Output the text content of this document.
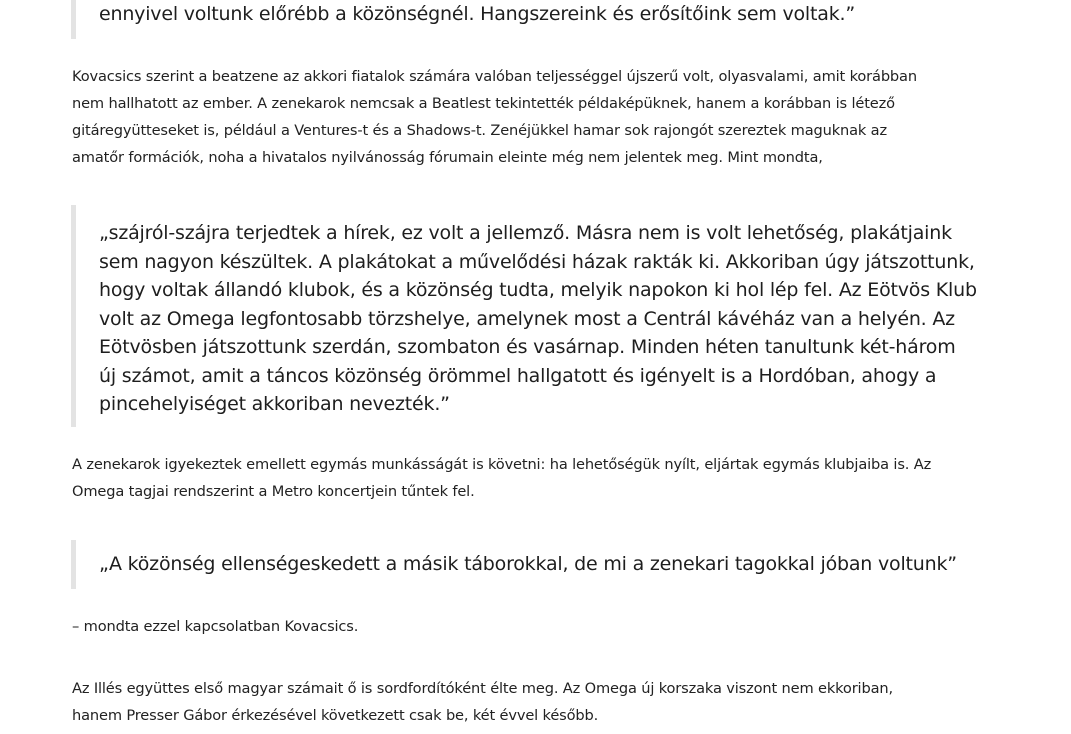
ennyivel voltunk előrébb a közönségnél. Hangszereink és erősítőink sem voltak.”

Kovacsics szerint a beatzene az akkori fiatalok számára valóban teljességgel újszerű volt, olyasvalami, amit korábban
nem hallhatott az ember. A zenekarok nemcsak a Beatlest tekintették példaképüknek, hanem a korábban is létező
gitáregyütteseket is, például a Ventures-t és a Shadows-t. Zenéjükkel hamar sok rajongót szereztek maguknak az
amatőr formációk, noha a hivatalos nyilvánosság fórumain eleinte még nem jelentek meg. Mint mondta,

„szájról-szájra terjedtek a hírek, ez volt a jellemző. Másra nem is volt lehetőség, plakátjaink
sem nagyon készültek. A plakátokat a művelődési házak rakták ki. Akkoriban úgy játszottunk,
hogy voltak állandó klubok, és a közönség tudta, melyik napokon ki hol lép fel. Az Eötvös Klub
volt az Omega legfontosabb törzshelye, amelynek most a Centrál kávéház van a helyén. Az
Eötvösben játszottunk szerdán, szombaton és vasárnap. Minden héten tanultunk két-három
új számot, amit a táncos közönség örömmel hallgatott és igényelt is a Hordóban, ahogy a
pincehelyiséget akkoriban nevezték.”

A zenekarok igyekeztek emellett egymás munkásságát is követni: ha lehetőségük nyílt, eljártak egymás klubjaiba is. Az
Omega tagjai rendszerint a Metro koncertjein tűntek fel.

„A közönség ellenségeskedett a másik táborokkal, de mi a zenekari tagokkal jóban voltunk”

– mondta ezzel kapcsolatban Kovacsics.

Az Illés együttes első magyar számait ő is sordfordítóként élte meg. Az Omega új korszaka viszont nem ekkoriban,
hanem Presser Gábor érkezésével következett csak be, két évvel később.
